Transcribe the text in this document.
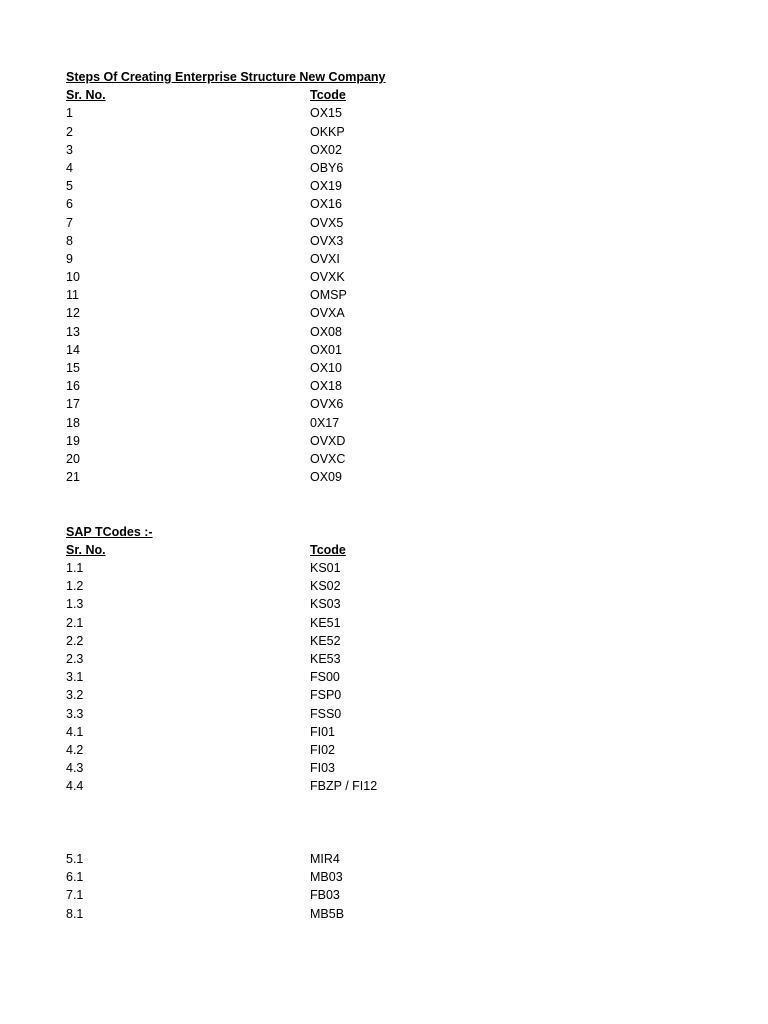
Steps Of Creating Enterprise Structure New Company
Sr. No.	Tcode
1	OX15
2	OKKP
3	OX02
4	OBY6
5	OX19
6	OX16
7	OVX5
8	OVX3
9	OVXI
10	OVXK
11	OMSP
12	OVXA
13	OX08
14	OX01
15	OX10
16	OX18
17	OVX6
18	0X17
19	OVXD
20	OVXC
21	OX09
SAP TCodes :-
Sr. No.	Tcode
1.1	KS01
1.2	KS02
1.3	KS03
2.1	KE51
2.2	KE52
2.3	KE53
3.1	FS00
3.2	FSP0
3.3	FSS0
4.1	FI01
4.2	FI02
4.3	FI03
4.4	FBZP / FI12
5.1	MIR4
6.1	MB03
7.1	FB03
8.1	MB5B
